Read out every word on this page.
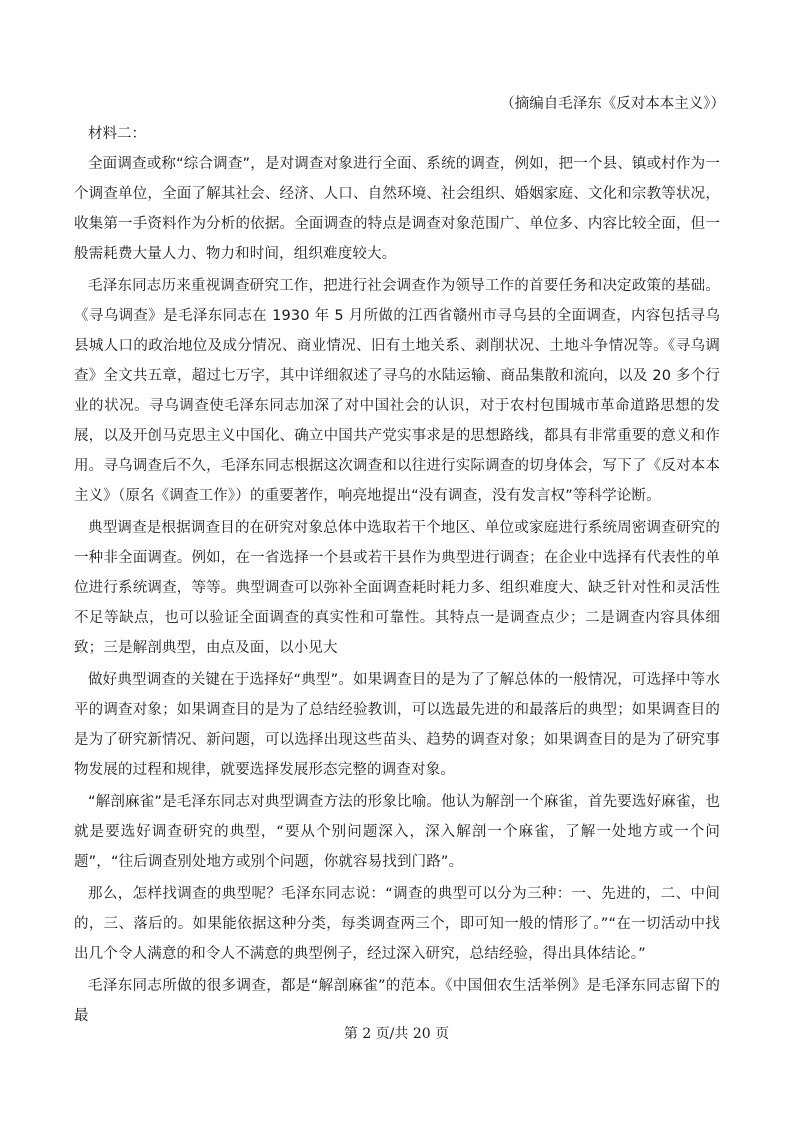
（摘编自毛泽东《反对本本主义》）
材料二：

全面调查或称“综合调查”，是对调查对象进行全面、系统的调查，例如，把一个县、镇或村作为一个调查单位，全面了解其社会、经济、人口、自然环境、社会组织、婚姻家庭、文化和宗教等状况，收集第一手资料作为分析的依据。全面调查的特点是调查对象范围广、单位多、内容比较全面，但一般需耗费大量人力、物力和时间，组织难度较大。

毛泽东同志历来重视调查研究工作，把进行社会调查作为领导工作的首要任务和决定政策的基础。《寻乌调查》是毛泽东同志在 1930 年 5 月所做的江西省赣州市寻乌县的全面调查，内容包括寻乌县城人口的政治地位及成分情况、商业情况、旧有土地关系、剥削状况、土地斗争情况等。《寻乌调查》全文共五章，超过七万字，其中详细叙述了寻乌的水陆运输、商品集散和流向，以及 20 多个行业的状况。寻乌调查使毛泽东同志加深了对中国社会的认识，对于农村包围城市革命道路思想的发展，以及开创马克思主义中国化、确立中国共产党实事求是的思想路线，都具有非常重要的意义和作用。寻乌调查后不久，毛泽东同志根据这次调查和以往进行实际调查的切身体会，写下了《反对本本主义》（原名《调查工作》）的重要著作，响亮地提出“没有调查，没有发言权”等科学论断。

典型调查是根据调查目的在研究对象总体中选取若干个地区、单位或家庭进行系统周密调查研究的一种非全面调查。例如，在一省选择一个县或若干县作为典型进行调查；在企业中选择有代表性的单位进行系统调查，等等。典型调查可以弥补全面调查耗时耗力多、组织难度大、缺乏针对性和灵活性不足等缺点，也可以验证全面调查的真实性和可靠性。其特点一是调查点少；二是调查内容具体细致；三是解剖典型，由点及面，以小见大

做好典型调查的关键在于选择好“典型”。如果调查目的是为了了解总体的一般情况，可选择中等水平的调查对象；如果调查目的是为了总结经验教训，可以选最先进的和最落后的典型；如果调查目的是为了研究新情况、新问题，可以选择出现这些苗头、趋势的调查对象；如果调查目的是为了研究事物发展的过程和规律，就要选择发展形态完整的调查对象。

“解剖麻雀”是毛泽东同志对典型调查方法的形象比喻。他认为解剖一个麻雀，首先要选好麻雀，也就是要选好调查研究的典型，“要从个别问题深入，深入解剖一个麻雀，了解一处地方或一个问题”，“往后调查别处地方或别个问题，你就容易找到门路”。

那么，怎样找调查的典型呢？毛泽东同志说：“调查的典型可以分为三种：一、先进的，二、中间的，三、落后的。如果能依据这种分类，每类调查两三个，即可知一般的情形了。”“在一切活动中找出几个令人满意的和令人不满意的典型例子，经过深入研究，总结经验，得出具体结论。”

毛泽东同志所做的很多调查，都是“解剖麻雀”的范本。《中国佃农生活举例》是毛泽东同志留下的最

第 2 页/共 20 页
